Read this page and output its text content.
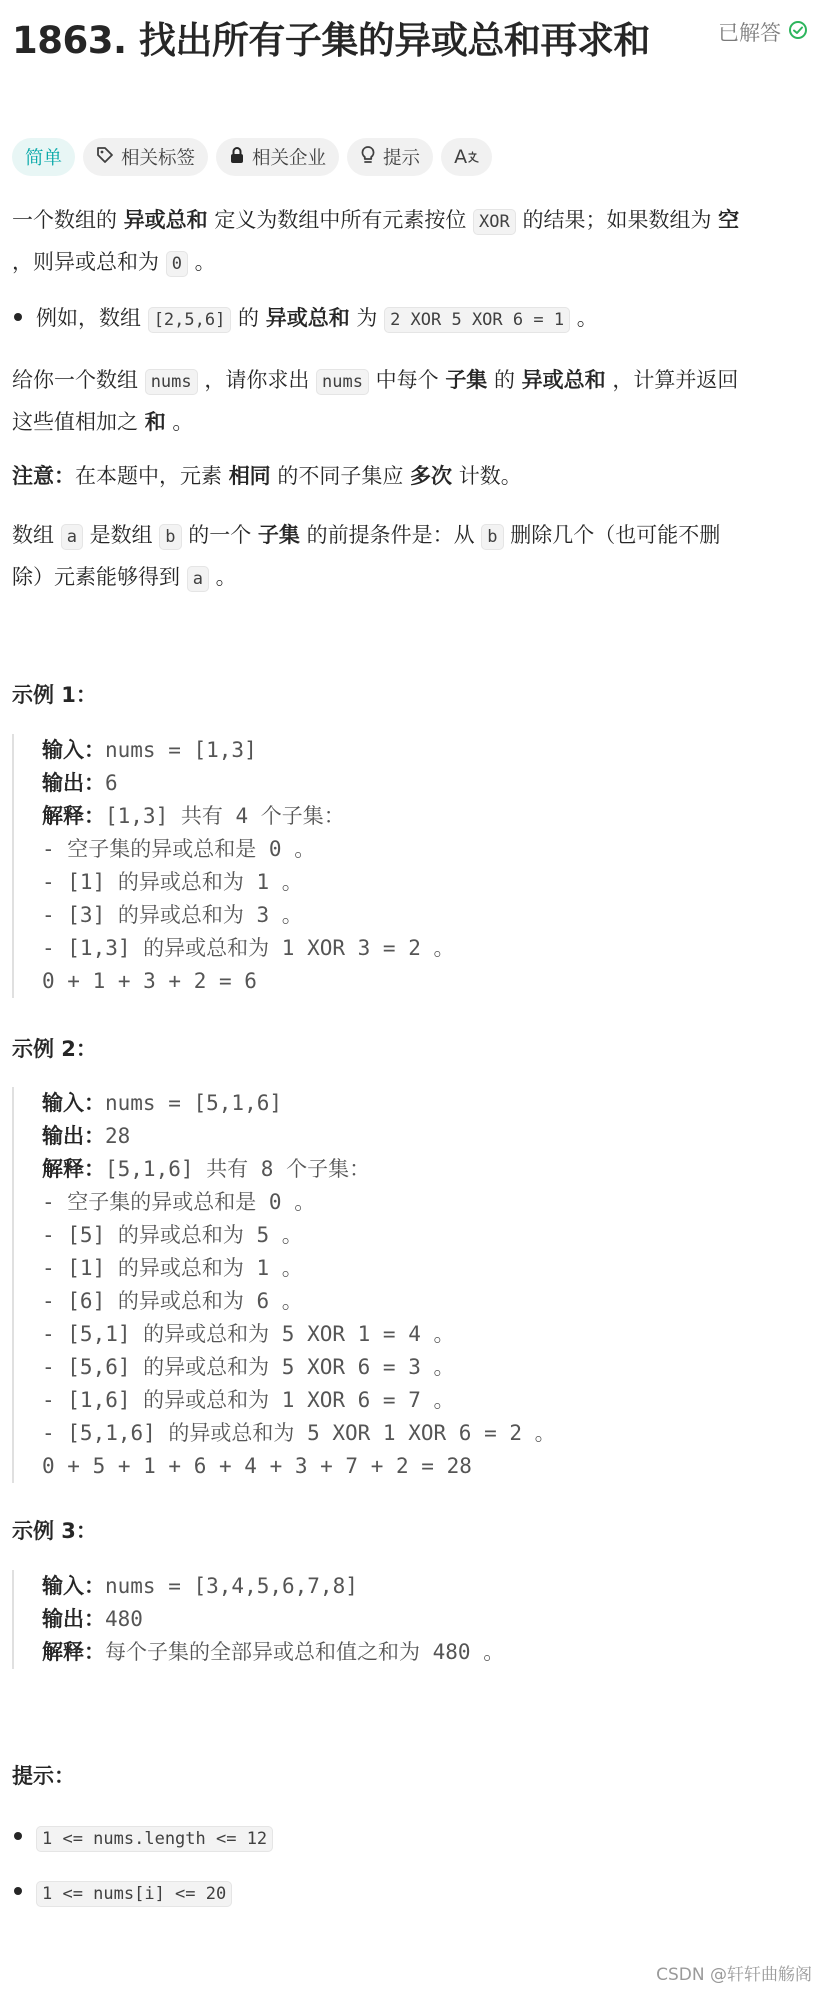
1863. 找出所有子集的异或总和再求和	已解答
简单	相关标签	相关企业	提示 A
一个数组的 异或总和 定义为数组中所有元素按位 XOR 的结果；如果数组为 空
，则异或总和为 0 。
例如，数组 [2,5,6] 的 异或总和 为 2 XOR 5 XOR 6 = 1 。
给你一个数组 nums ，请你求出 nums 中每个 子集 的 异或总和 ，计算并返回
这些值相加之 和 。
注意：在本题中，元素 相同 的不同子集应 多次 计数。
数组 a 是数组 b 的一个 子集 的前提条件是：从 b 删除几个（也可能不删
除）元素能够得到 a 。
示例 1：
输入：nums = [1,3]
输出：6
解释：[1,3] 共有 4 个子集：
- 空子集的异或总和是 0 。
- [1] 的异或总和为 1 。
- [3] 的异或总和为 3 。
- [1,3] 的异或总和为 1 XOR 3 = 2 。
0 + 1 + 3 + 2 = 6
示例 2：
输入：nums = [5,1,6]
输出：28
解释：[5,1,6] 共有 8 个子集：
- 空子集的异或总和是 0 。
- [5] 的异或总和为 5 。
- [1] 的异或总和为 1 。
- [6] 的异或总和为 6 。
- [5,1] 的异或总和为 5 XOR 1 = 4 。
- [5,6] 的异或总和为 5 XOR 6 = 3 。
- [1,6] 的异或总和为 1 XOR 6 = 7 。
- [5,1,6] 的异或总和为 5 XOR 1 XOR 6 = 2 。
0 + 5 + 1 + 6 + 4 + 3 + 7 + 2 = 28
示例 3：
输入：nums = [3,4,5,6,7,8]
输出：480
解释：每个子集的全部异或总和值之和为 480 。
提示：
1 <= nums.length <= 12
1 <= nums[i] <= 20
CSDN @轩轩曲觞阁
